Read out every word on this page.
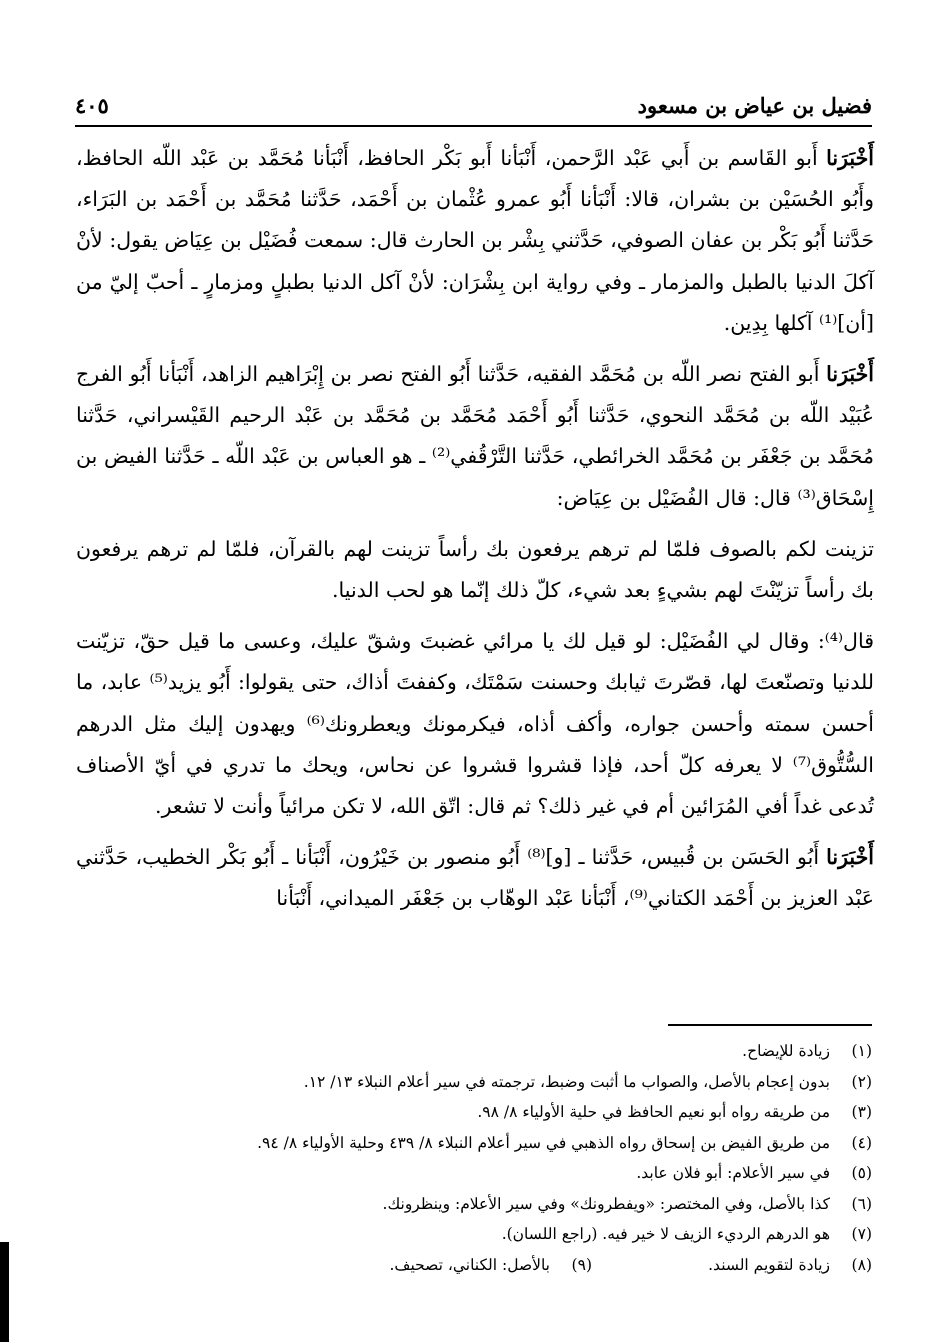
فضيل بن عياض بن مسعود
٤٠٥

أَخْبَرَنا أَبو القَاسم بن أَبي عَبْد الرَّحمن، أَنْبَأنا أَبو بَكْر الحافظ، أَنْبَأنا مُحَمَّد بن عَبْد اللّه الحافظ، وأَبُو الحُسَيْن بن بشران، قالا: أَنْبَأنا أَبُو عمرو عُثْمان بن أَحْمَد، حَدَّثنا مُحَمَّد بن أَحْمَد بن البَرَاء، حَدَّثنا أَبُو بَكْر بن عفان الصوفي، حَدَّثني بِشْر بن الحارث قال: سمعت فُضَيْل بن عِيَاض يقول: لأنْ آكلَ الدنيا بالطبل والمزمار ـ وفي رواية ابن بِشْرَان: لأنْ آكل الدنيا بطبلٍ ومزمارٍ ـ أحبّ إليّ من [أن]⁽¹⁾ آكلها بِدِين.

أَخْبَرَنا أَبو الفتح نصر اللّه بن مُحَمَّد الفقيه، حَدَّثنا أَبُو الفتح نصر بن إِبْرَاهيم الزاهد، أَنْبَأنا أَبُو الفرج عُبَيْد اللّه بن مُحَمَّد النحوي، حَدَّثنا أَبُو أَحْمَد مُحَمَّد بن مُحَمَّد بن عَبْد الرحيم القَيْسراني، حَدَّثنا مُحَمَّد بن جَعْفَر بن مُحَمَّد الخرائطي، حَدَّثنا التَّرْقُفي⁽²⁾ ـ هو العباس بن عَبْد اللّه ـ حَدَّثنا الفيض بن إِسْحَاق⁽³⁾ قال: قال الفُضَيْل بن عِيَاض:

تزينت لكم بالصوف فلمّا لم ترهم يرفعون بك رأساً تزينت لهم بالقرآن، فلمّا لم ترهم يرفعون بك رأساً تزيّنْتَ لهم بشيءٍ بعد شيء، كلّ ذلك إنّما هو لحب الدنيا.

قال⁽⁴⁾: وقال لي الفُضَيْل: لو قيل لك يا مرائي غضبتَ وشقّ عليك، وعسى ما قيل حقّ، تزيّنت للدنيا وتصنّعتَ لها، قصّرتَ ثيابك وحسنت سَمْتَك، وكففتَ أذاك، حتى يقولوا: أَبُو يزيد⁽⁵⁾ عابد، ما أحسن سمته وأحسن جواره، وأكف أذاه، فيكرمونك ويعطرونك⁽⁶⁾ ويهدون إليك مثل الدرهم السُّتُّوق⁽⁷⁾ لا يعرفه كلّ أحد، فإذا قشروا قشروا عن نحاس، ويحك ما تدري في أيّ الأصناف تُدعى غداً أفي المُرَائين أم في غير ذلك؟ ثم قال: اتّق الله، لا تكن مرائياً وأنت لا تشعر.

أَخْبَرَنا أَبُو الحَسَن بن قُبيس، حَدَّثنا ـ [و]⁽⁸⁾ أَبُو منصور بن خَيْرُون، أَنْبَأنا ـ أَبُو بَكْر الخطيب، حَدَّثني عَبْد العزيز بن أَحْمَد الكتاني⁽⁹⁾، أَنْبَأنا عَبْد الوهّاب بن جَعْفَر الميداني، أَنْبَأنا

(١)
زيادة للإيضاح.
(٢)
بدون إعجام بالأصل، والصواب ما أثبت وضبط، ترجمته في سير أعلام النبلاء ١٣/ ١٢.
(٣)
من طريقه رواه أبو نعيم الحافظ في حلية الأولياء ٨/ ٩٨.
(٤)
من طريق الفيض بن إسحاق رواه الذهبي في سير أعلام النبلاء ٨/ ٤٣٩ وحلية الأولياء ٨/ ٩٤.
(٥)
في سير الأعلام: أبو فلان عابد.
(٦)
كذا بالأصل، وفي المختصر: «ويفطرونك» وفي سير الأعلام: وينظرونك.
(٧)
هو الدرهم الرديء الزيف لا خير فيه. (راجع اللسان).
(٨)زيادة لتقويم السند.
(٩)بالأصل: الكناني، تصحيف.
